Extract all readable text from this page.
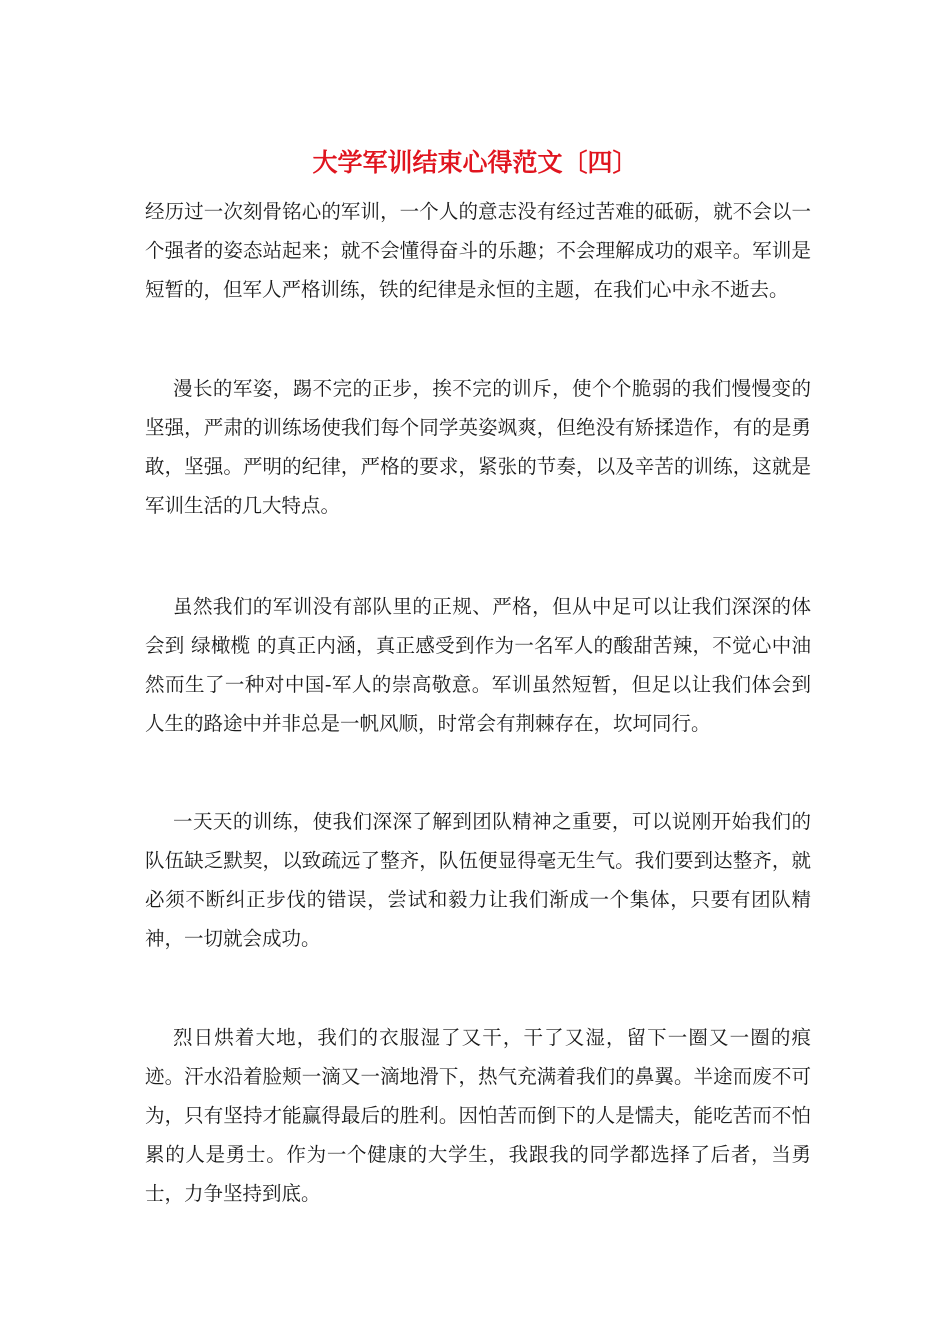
大学军训结束心得范文〔四〕

经历过一次刻骨铭心的军训，一个人的意志没有经过苦难的砥砺，就不会以一个强者的姿态站起来；就不会懂得奋斗的乐趣；不会理解成功的艰辛。军训是短暂的，但军人严格训练，铁的纪律是永恒的主题，在我们心中永不逝去。

漫长的军姿，踢不完的正步，挨不完的训斥，使个个脆弱的我们慢慢变的坚强，严肃的训练场使我们每个同学英姿飒爽，但绝没有矫揉造作，有的是勇敢，坚强。严明的纪律，严格的要求，紧张的节奏，以及辛苦的训练，这就是军训生活的几大特点。

虽然我们的军训没有部队里的正规、严格，但从中足可以让我们深深的体会到 绿橄榄 的真正内涵，真正感受到作为一名军人的酸甜苦辣，不觉心中油然而生了一种对中国-军人的崇高敬意。军训虽然短暂，但足以让我们体会到人生的路途中并非总是一帆风顺，时常会有荆棘存在，坎坷同行。

一天天的训练，使我们深深了解到团队精神之重要，可以说刚开始我们的队伍缺乏默契，以致疏远了整齐，队伍便显得毫无生气。我们要到达整齐，就必须不断纠正步伐的错误，尝试和毅力让我们渐成一个集体，只要有团队精神，一切就会成功。

烈日烘着大地，我们的衣服湿了又干，干了又湿，留下一圈又一圈的痕迹。汗水沿着脸颊一滴又一滴地滑下，热气充满着我们的鼻翼。半途而废不可为，只有坚持才能赢得最后的胜利。因怕苦而倒下的人是懦夫，能吃苦而不怕累的人是勇士。作为一个健康的大学生，我跟我的同学都选择了后者，当勇士，力争坚持到底。
